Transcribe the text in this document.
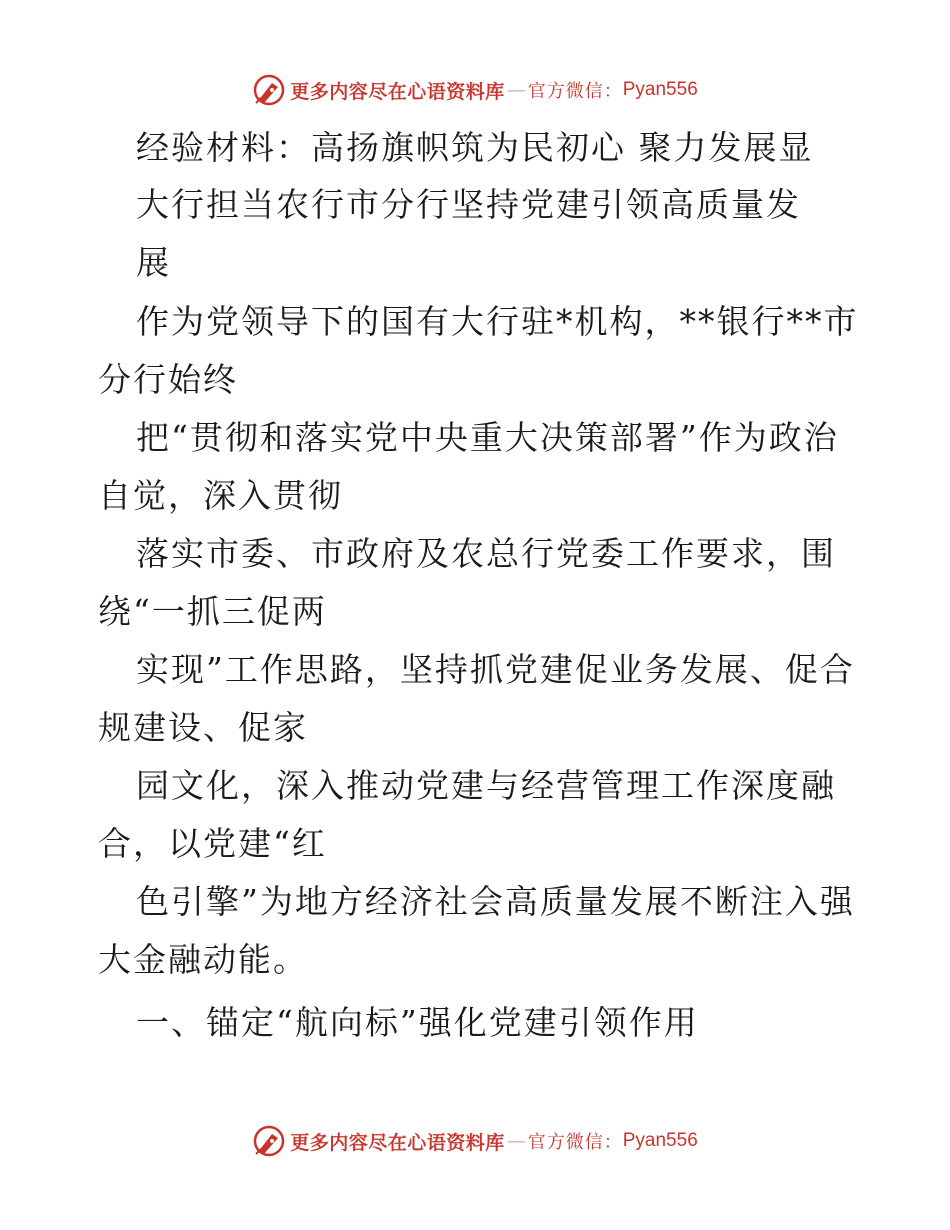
更多内容尽在心语资料库 — 官方微信： Pyan556
经验材料：高扬旗帜筑为民初心 聚力发展显
大行担当农行市分行坚持党建引领高质量发
展
作为党领导下的国有大行驻*机构，**银行**市
分行始终
把“贯彻和落实党中央重大决策部署”作为政治
自觉，深入贯彻
落实市委、市政府及农总行党委工作要求，围
绕“一抓三促两
实现”工作思路，坚持抓党建促业务发展、促合
规建设、促家
园文化，深入推动党建与经营管理工作深度融
合，以党建“红
色引擎”为地方经济社会高质量发展不断注入强
大金融动能。
一、锚定“航向标”强化党建引领作用
更多内容尽在心语资料库 — 官方微信： Pyan556
